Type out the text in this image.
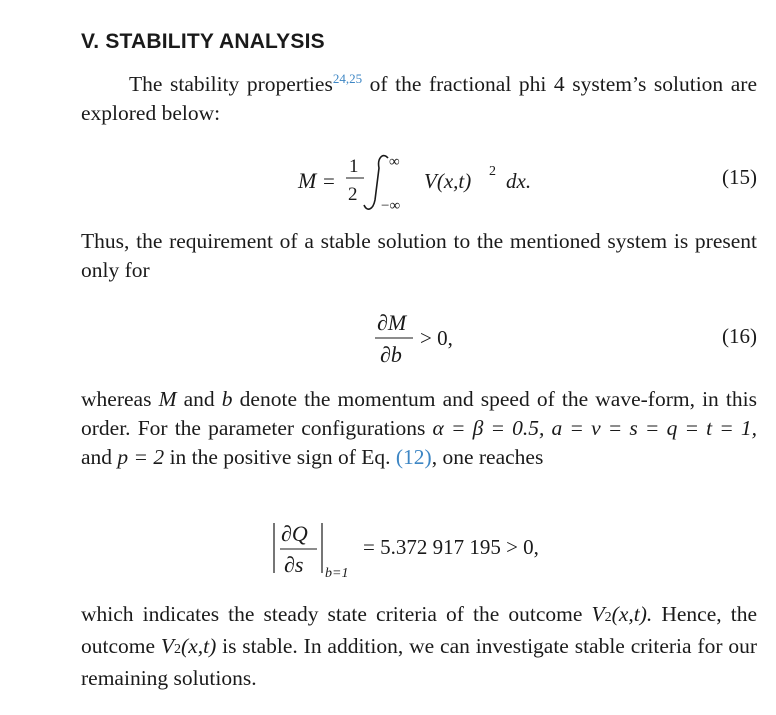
V. STABILITY ANALYSIS

The stability properties$^{24,25}$ of the fractional phi 4 system’s solution are explored below:

M =
1
2
∞
−∞
V(x,t) 2 dx.	(15)

Thus, the requirement of a stable solution to the mentioned system is present only for

∂M
∂b
> 0,	(16)

whereas M and b denote the momentum and speed of the wave-form, in this order. For the parameter configurations α = β = 0.5, a = v = s = q = t = 1, and p = 2 in the positive sign of Eq. (12), one reaches

∂Q
∂s b=1
= 5.372 917 195 > 0,

which indicates the steady state criteria of the outcome V2(x,t). Hence, the outcome V2(x,t) is stable. In addition, we can investigate stable criteria for our remaining solutions.
